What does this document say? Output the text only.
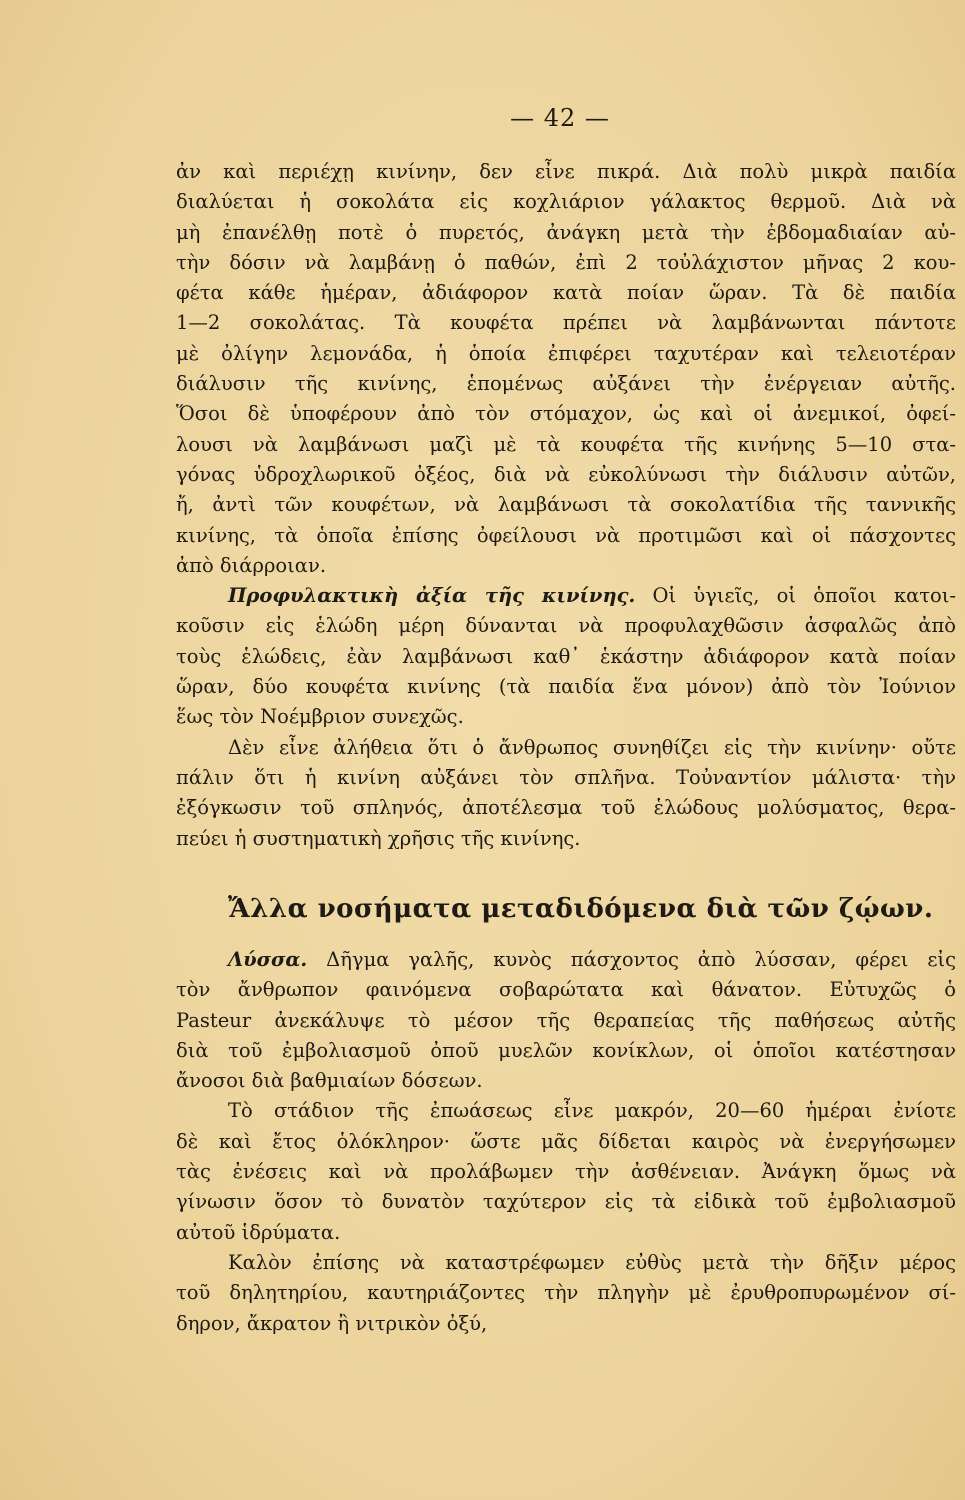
— 42 —
ἀν καὶ περιέχῃ κινίνην, δεν εἶνε πικρά. Διὰ πολὺ μικρὰ παιδία
διαλύεται ἡ σοκολάτα εἰς κοχλιάριον γάλακτος θερμοῦ. Διὰ νὰ
μὴ ἐπανέλθῃ ποτὲ ὁ πυρετός, ἀνάγκη μετὰ τὴν ἑβδομαδιαίαν αὐ-
τὴν δόσιν νὰ λαμβάνῃ ὁ παθών, ἐπὶ 2 τοὐλάχιστον μῆνας 2 κου-
φέτα κάθε ἡμέραν, ἀδιάφορον κατὰ ποίαν ὥραν. Τὰ δὲ παιδία
1—2 σοκολάτας. Τὰ κουφέτα πρέπει νὰ λαμβάνωνται πάντοτε
μὲ ὀλίγην λεμονάδα, ἡ ὁποία ἐπιφέρει ταχυτέραν καὶ τελειοτέραν
διάλυσιν τῆς κινίνης, ἑπομένως αὐξάνει τὴν ἐνέργειαν αὐτῆς.
Ὅσοι δὲ ὑποφέρουν ἀπὸ τὸν στόμαχον, ὡς καὶ οἱ ἀνεμικοί, ὀφεί-
λουσι νὰ λαμβάνωσι μαζὶ μὲ τὰ κουφέτα τῆς κινήνης 5—10 στα-
γόνας ὑδροχλωρικοῦ ὀξέος, διὰ νὰ εὐκολύνωσι τὴν διάλυσιν αὐτῶν,
ἤ, ἀντὶ τῶν κουφέτων, νὰ λαμβάνωσι τὰ σοκολατίδια τῆς ταννικῆς
κινίνης, τὰ ὁποῖα ἐπίσης ὀφείλουσι νὰ προτιμῶσι καὶ οἱ πάσχοντες
ἀπὸ διάρροιαν.
Προφυλακτικὴ ἀξία τῆς κινίνης. Οἱ ὑγιεῖς, οἱ ὁποῖοι κατοι-
κοῦσιν εἰς ἑλώδη μέρη δύνανται νὰ προφυλαχθῶσιν ἀσφαλῶς ἀπὸ
τοὺς ἑλώδεις, ἐὰν λαμβάνωσι καθ᾽ ἑκάστην ἀδιάφορον κατὰ ποίαν
ὥραν, δύο κουφέτα κινίνης (τὰ παιδία ἕνα μόνον) ἀπὸ τὸν Ἰούνιον
ἕως τὸν Νοέμβριον συνεχῶς.
Δὲν εἶνε ἀλήθεια ὅτι ὁ ἄνθρωπος συνηθίζει εἰς τὴν κινίνην· οὔτε
πάλιν ὅτι ἡ κινίνη αὐξάνει τὸν σπλῆνα. Τοὐναντίον μάλιστα· τὴν
ἐξόγκωσιν τοῦ σπληνός, ἀποτέλεσμα τοῦ ἑλώδους μολύσματος, θερα-
πεύει ἡ συστηματικὴ χρῆσις τῆς κινίνης.
Ἄλλα νοσήματα μεταδιδόμενα διὰ τῶν ζῴων.
Λύσσα. Δῆγμα γαλῆς, κυνὸς πάσχοντος ἀπὸ λύσσαν, φέρει εἰς
τὸν ἄνθρωπον φαινόμενα σοβαρώτατα καὶ θάνατον. Εὐτυχῶς ὁ
Pasteur ἀνεκάλυψε τὸ μέσον τῆς θεραπείας τῆς παθήσεως αὐτῆς
διὰ τοῦ ἐμβολιασμοῦ ὀποῦ μυελῶν κονίκλων, οἱ ὁποῖοι κατέστησαν
ἄνοσοι διὰ βαθμιαίων δόσεων.
Τὸ στάδιον τῆς ἐπωάσεως εἶνε μακρόν, 20—60 ἡμέραι ἐνίοτε
δὲ καὶ ἔτος ὁλόκληρον· ὥστε μᾶς δίδεται καιρὸς νὰ ἐνεργήσωμεν
τὰς ἐνέσεις καὶ νὰ προλάβωμεν τὴν ἀσθένειαν. Ἀνάγκη ὅμως νὰ
γίνωσιν ὅσον τὸ δυνατὸν ταχύτερον εἰς τὰ εἰδικὰ τοῦ ἐμβολιασμοῦ
αὐτοῦ ἱδρύματα.
Καλὸν ἐπίσης νὰ καταστρέφωμεν εὐθὺς μετὰ τὴν δῆξιν μέρος
τοῦ δηλητηρίου, καυτηριάζοντες τὴν πληγὴν μὲ ἐρυθροπυρωμένον σί-
δηρον, ἄκρατον ἢ νιτρικὸν ὀξύ,
